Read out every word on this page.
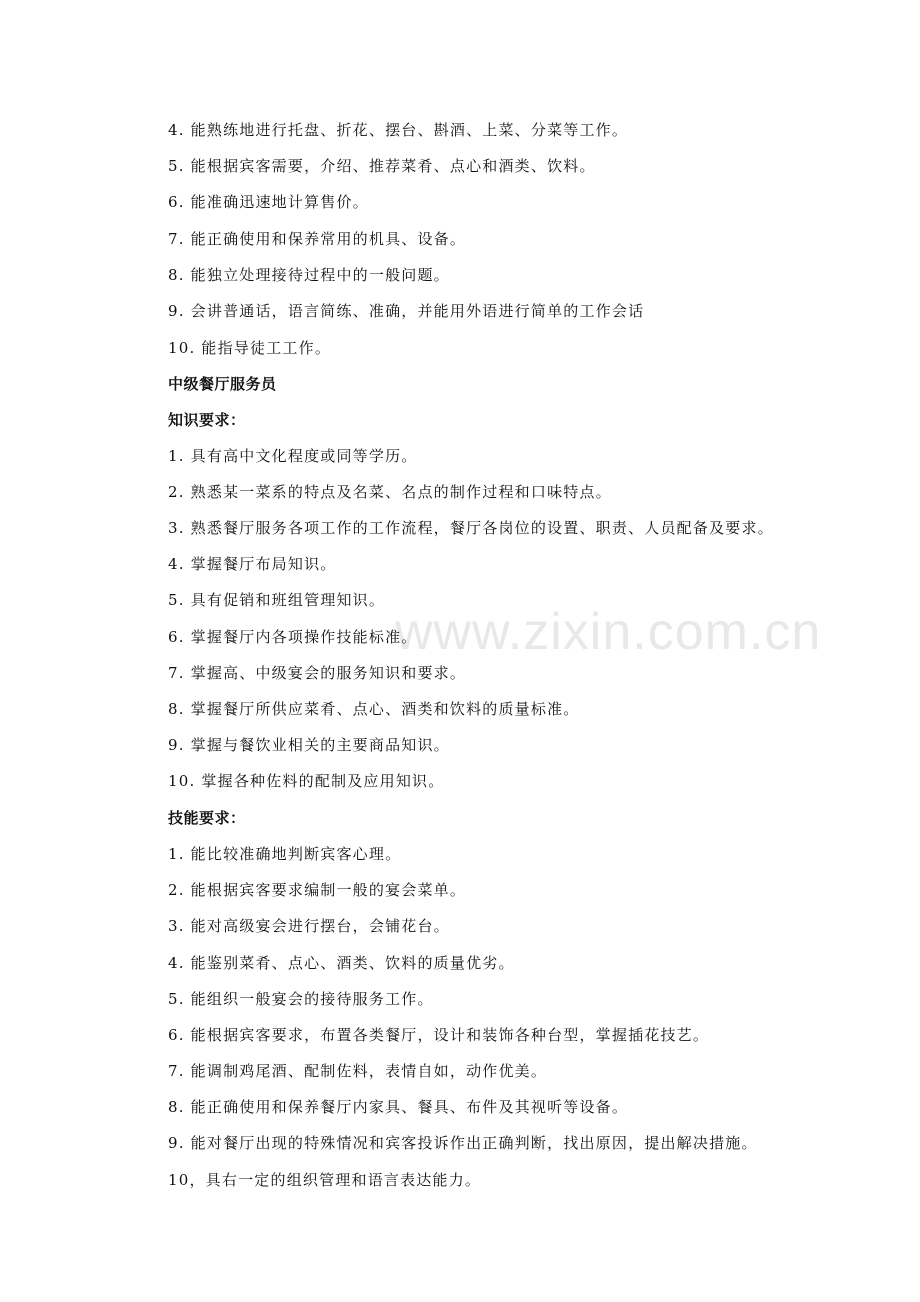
www.zixin.com.cn
4. 能熟练地进行托盘、折花、摆台、斟酒、上菜、分菜等工作。
5. 能根据宾客需要，介绍、推荐菜肴、点心和酒类、饮料。
6. 能准确迅速地计算售价。
7. 能正确使用和保养常用的机具、设备。
8. 能独立处理接待过程中的一般问题。
9. 会讲普通话，语言简练、准确，并能用外语进行简单的工作会话
10. 能指导徒工工作。
中级餐厅服务员
知识要求：
1. 具有高中文化程度或同等学历。
2. 熟悉某一菜系的特点及名菜、名点的制作过程和口味特点。
3. 熟悉餐厅服务各项工作的工作流程，餐厅各岗位的设置、职责、人员配备及要求。
4. 掌握餐厅布局知识。
5. 具有促销和班组管理知识。
6. 掌握餐厅内各项操作技能标准。
7. 掌握高、中级宴会的服务知识和要求。
8. 掌握餐厅所供应菜肴、点心、酒类和饮料的质量标准。
9. 掌握与餐饮业相关的主要商品知识。
10. 掌握各种佐料的配制及应用知识。
技能要求：
1. 能比较准确地判断宾客心理。
2. 能根据宾客要求编制一般的宴会菜单。
3. 能对高级宴会进行摆台，会铺花台。
4. 能鉴别菜肴、点心、酒类、饮料的质量优劣。
5. 能组织一般宴会的接待服务工作。
6. 能根据宾客要求，布置各类餐厅，设计和装饰各种台型，掌握插花技艺。
7. 能调制鸡尾酒、配制佐料，表情自如，动作优美。
8. 能正确使用和保养餐厅内家具、餐具、布件及其视听等设备。
9. 能对餐厅出现的特殊情况和宾客投诉作出正确判断，找出原因，提出解决措施。
10，具右一定的组织管理和语言表达能力。
